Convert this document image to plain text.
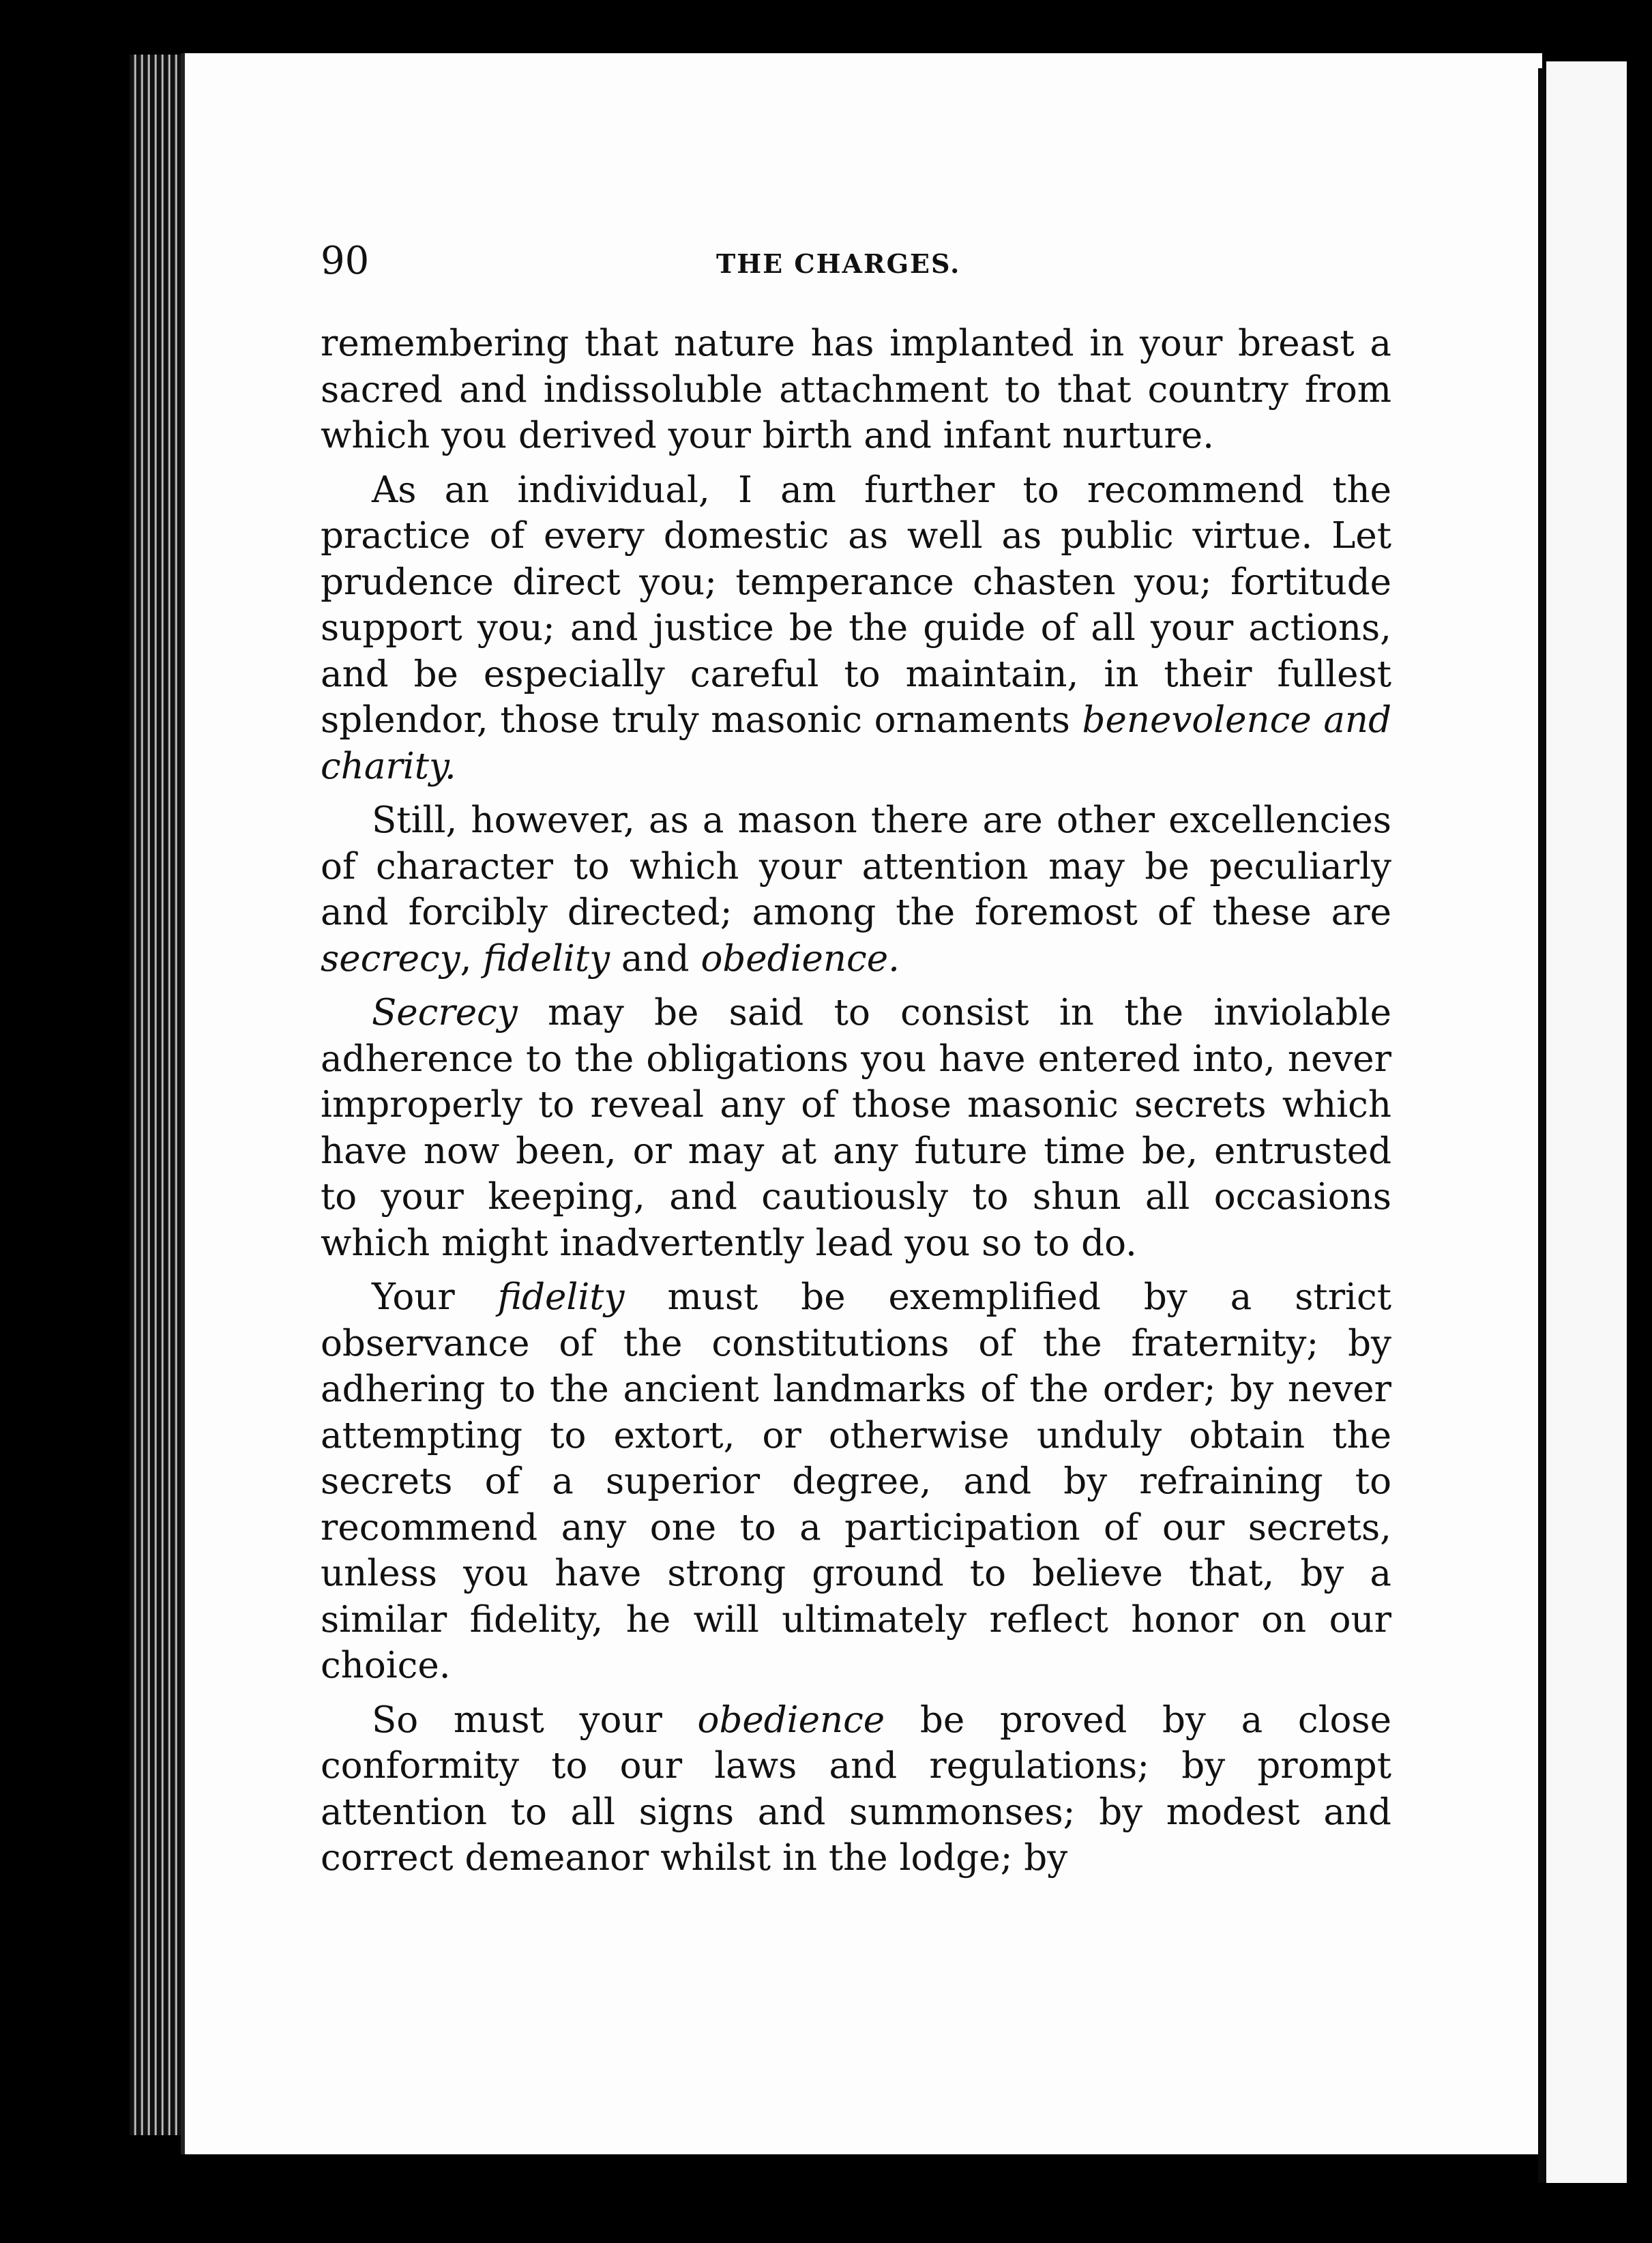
90	THE CHARGES.

remembering that nature has implanted in your breast a sacred and indissoluble attachment to that country from which you derived your birth and infant nurture.

As an individual, I am further to recommend the practice of every domestic as well as public virtue. Let prudence direct you; temperance chasten you; fortitude support you; and justice be the guide of all your actions, and be especially careful to maintain, in their fullest splendor, those truly masonic ornaments benevolence and charity.

Still, however, as a mason there are other excellencies of character to which your attention may be peculiarly and forcibly directed; among the foremost of these are secrecy, fidelity and obedience.

Secrecy may be said to consist in the inviolable adherence to the obligations you have entered into, never improperly to reveal any of those masonic secrets which have now been, or may at any future time be, entrusted to your keeping, and cautiously to shun all occasions which might inadvertently lead you so to do.

Your fidelity must be exemplified by a strict observance of the constitutions of the fraternity; by adhering to the ancient landmarks of the order; by never attempting to extort, or otherwise unduly obtain the secrets of a superior degree, and by refraining to recommend any one to a participation of our secrets, unless you have strong ground to believe that, by a similar fidelity, he will ultimately reflect honor on our choice.

So must your obedience be proved by a close conformity to our laws and regulations; by prompt attention to all signs and summonses; by modest and correct demeanor whilst in the lodge; by
